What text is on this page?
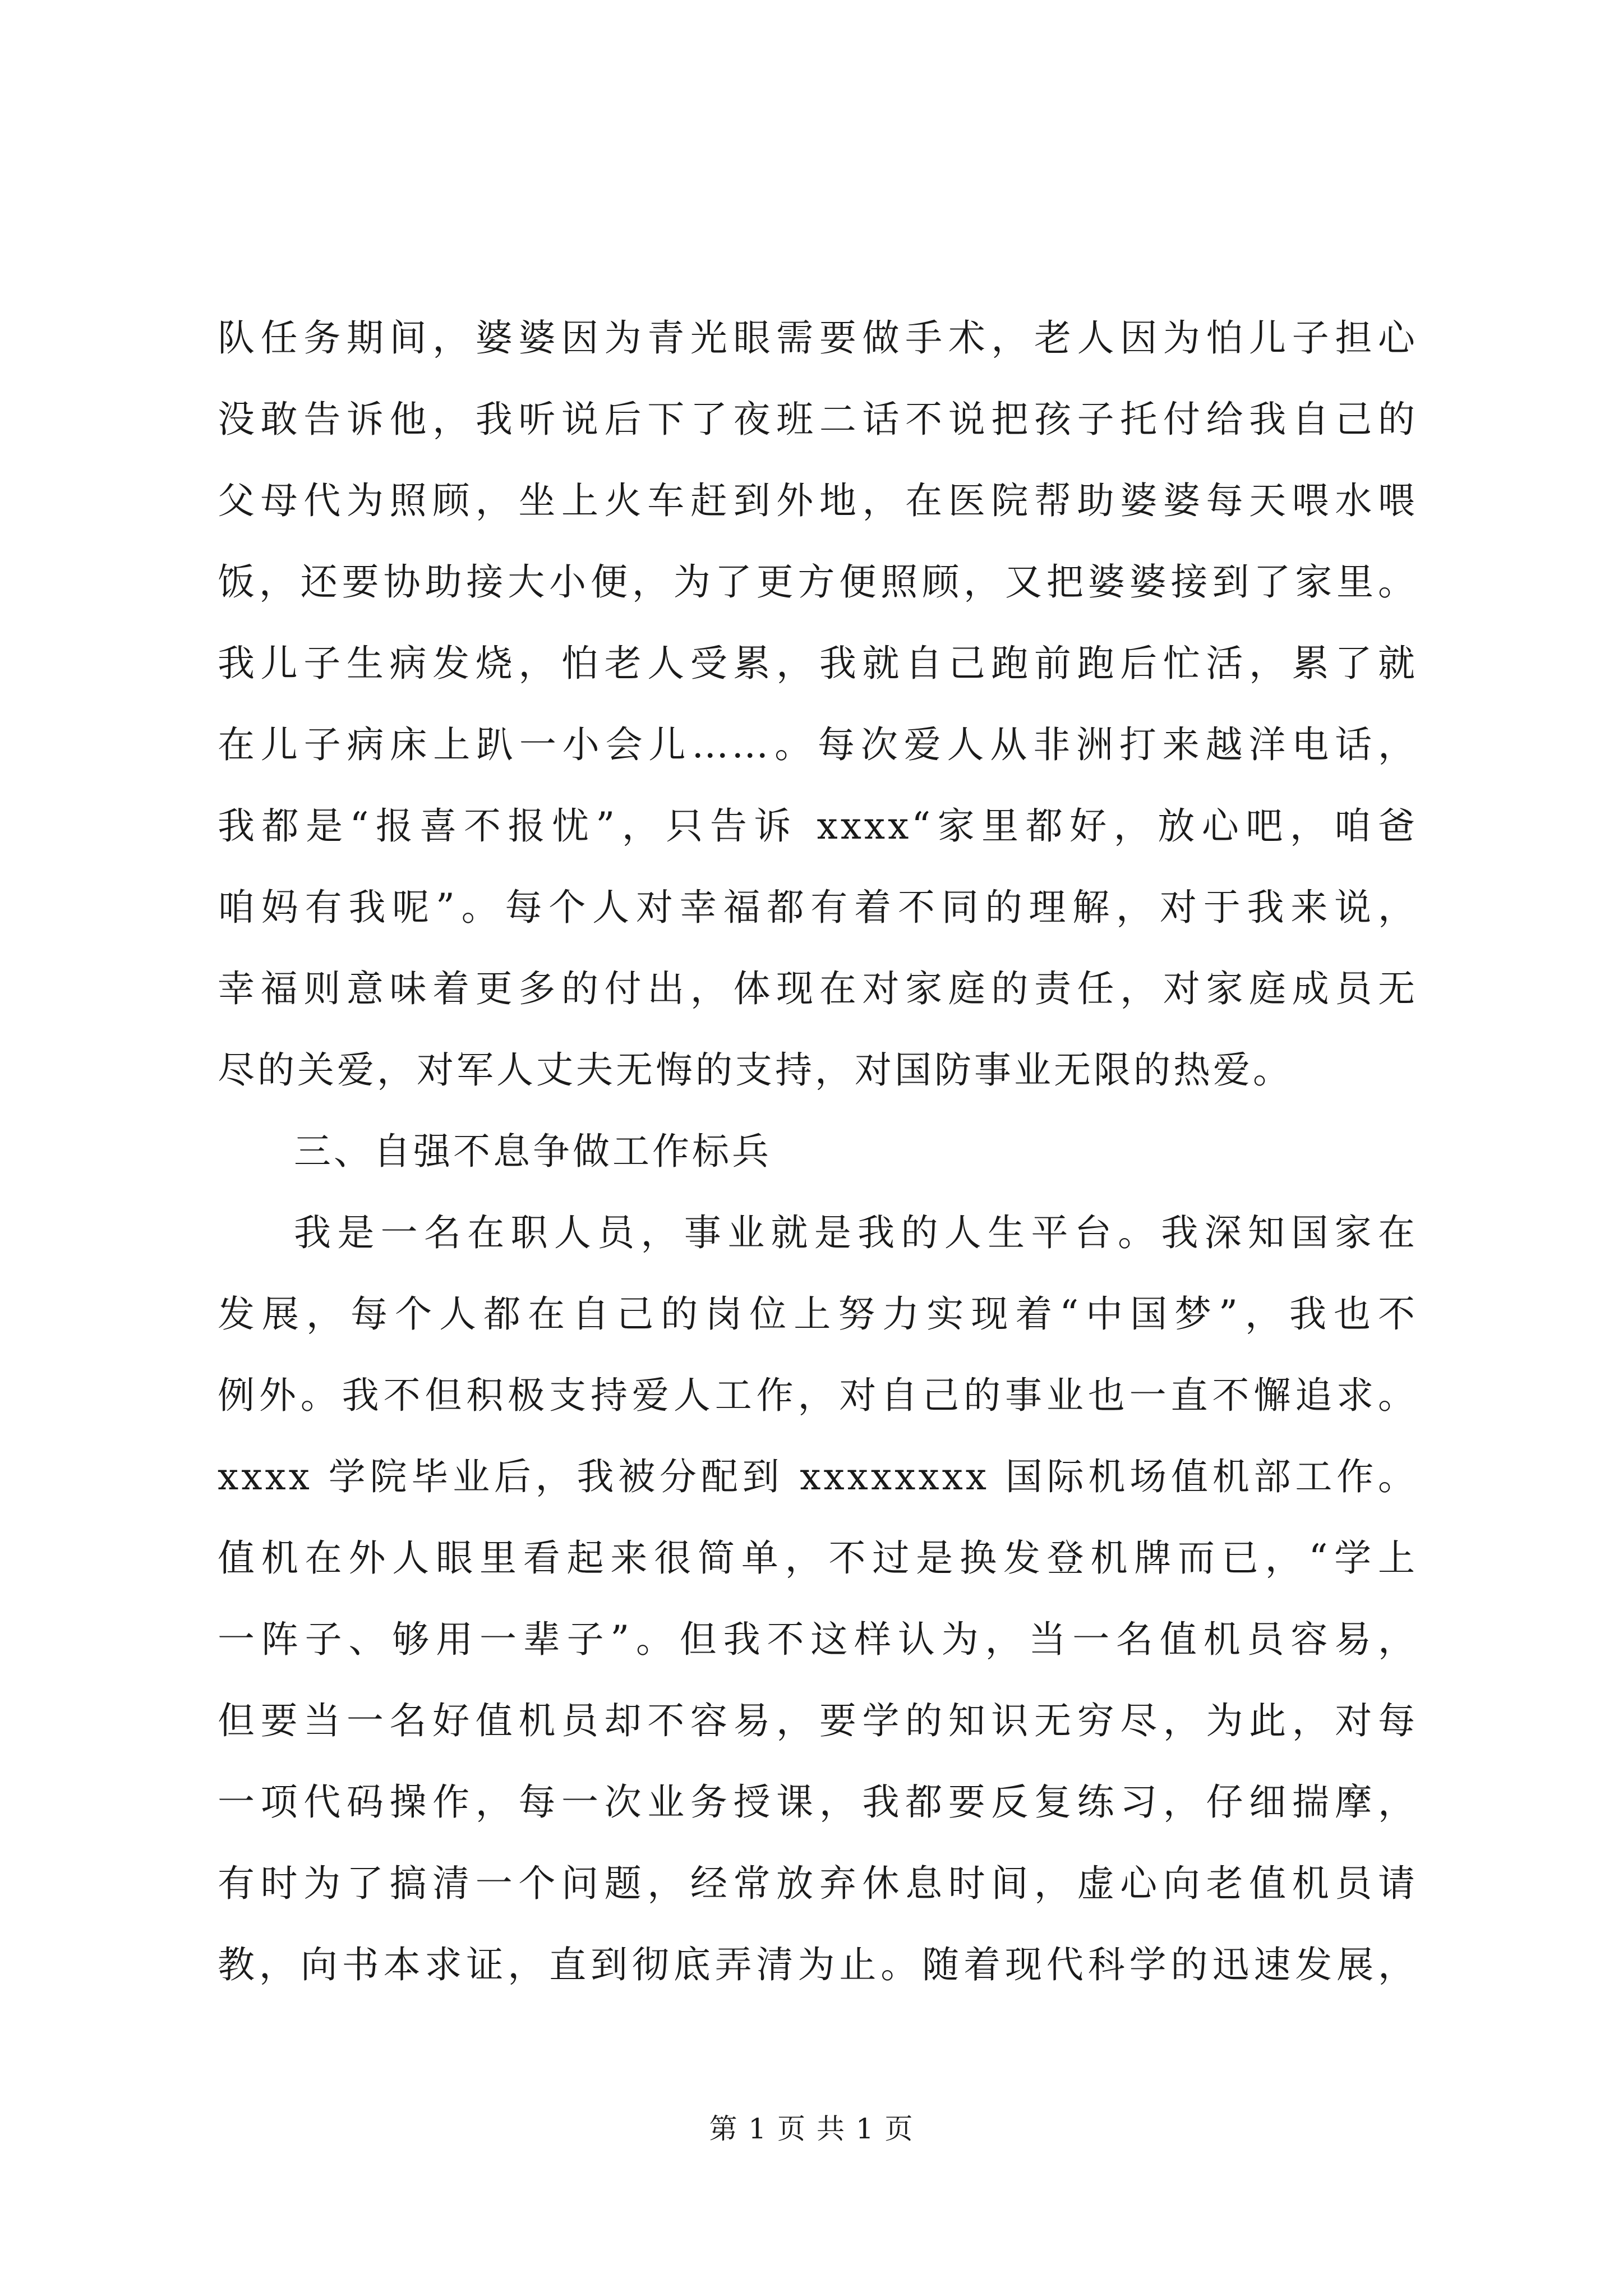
队任务期间，婆婆因为青光眼需要做手术，老人因为怕儿子担心
没敢告诉他，我听说后下了夜班二话不说把孩子托付给我自己的
父母代为照顾，坐上火车赶到外地，在医院帮助婆婆每天喂水喂
饭，还要协助接大小便，为了更方便照顾，又把婆婆接到了家里。
我儿子生病发烧，怕老人受累，我就自己跑前跑后忙活，累了就
在儿子病床上趴一小会儿……。每次爱人从非洲打来越洋电话，
我都是“报喜不报忧”，只告诉 xxxx“家里都好，放心吧，咱爸
咱妈有我呢”。每个人对幸福都有着不同的理解，对于我来说，
幸福则意味着更多的付出，体现在对家庭的责任，对家庭成员无
尽的关爱，对军人丈夫无悔的支持，对国防事业无限的热爱。
三、自强不息争做工作标兵
我是一名在职人员，事业就是我的人生平台。我深知国家在
发展，每个人都在自己的岗位上努力实现着“中国梦”，我也不
例外。我不但积极支持爱人工作，对自己的事业也一直不懈追求。
xxxx 学院毕业后，我被分配到 xxxxxxxx 国际机场值机部工作。
值机在外人眼里看起来很简单，不过是换发登机牌而已，“学上
一阵子、够用一辈子”。但我不这样认为，当一名值机员容易，
但要当一名好值机员却不容易，要学的知识无穷尽，为此，对每
一项代码操作，每一次业务授课，我都要反复练习，仔细揣摩，
有时为了搞清一个问题，经常放弃休息时间，虚心向老值机员请
教，向书本求证，直到彻底弄清为止。随着现代科学的迅速发展，
第 1 页 共 1 页
